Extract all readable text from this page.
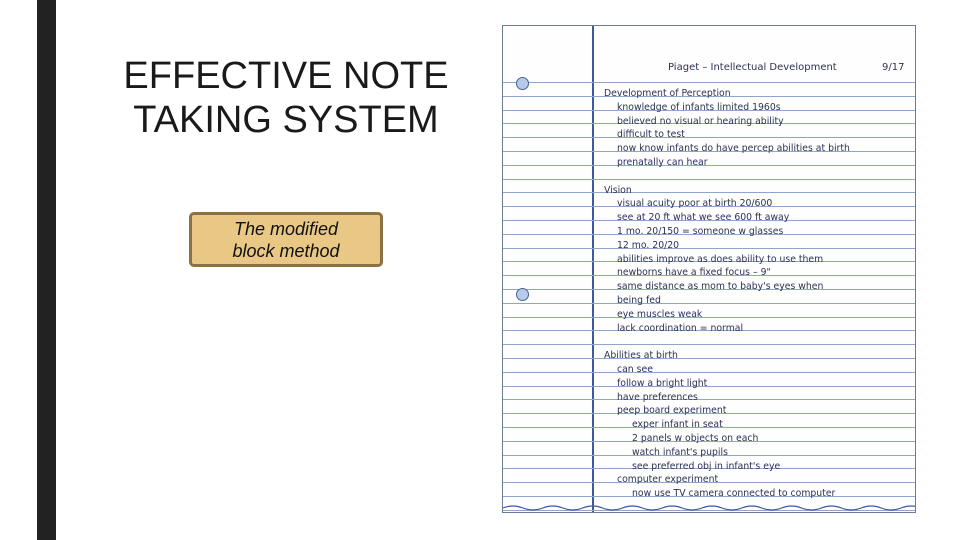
EFFECTIVE NOTE
TAKING SYSTEM
The modified
block method
Piaget – Intellectual Development	9/17
Development of Perception
knowledge of infants limited 1960s
believed no visual or hearing ability
difficult to test
now know infants do have percep abilities at birth
prenatally can hear
Vision
visual acuity poor at birth 20/600
see at 20 ft what we see 600 ft away
1 mo. 20/150 = someone w glasses
12 mo. 20/20
abilities improve as does ability to use them
newborns have a fixed focus – 9"
same distance as mom to baby's eyes when
being fed
eye muscles weak
lack coordination = normal
Abilities at birth
can see
follow a bright light
have preferences
peep board experiment
exper infant in seat
2 panels w objects on each
watch infant's pupils
see preferred obj in infant's eye
computer experiment
now use TV camera connected to computer
